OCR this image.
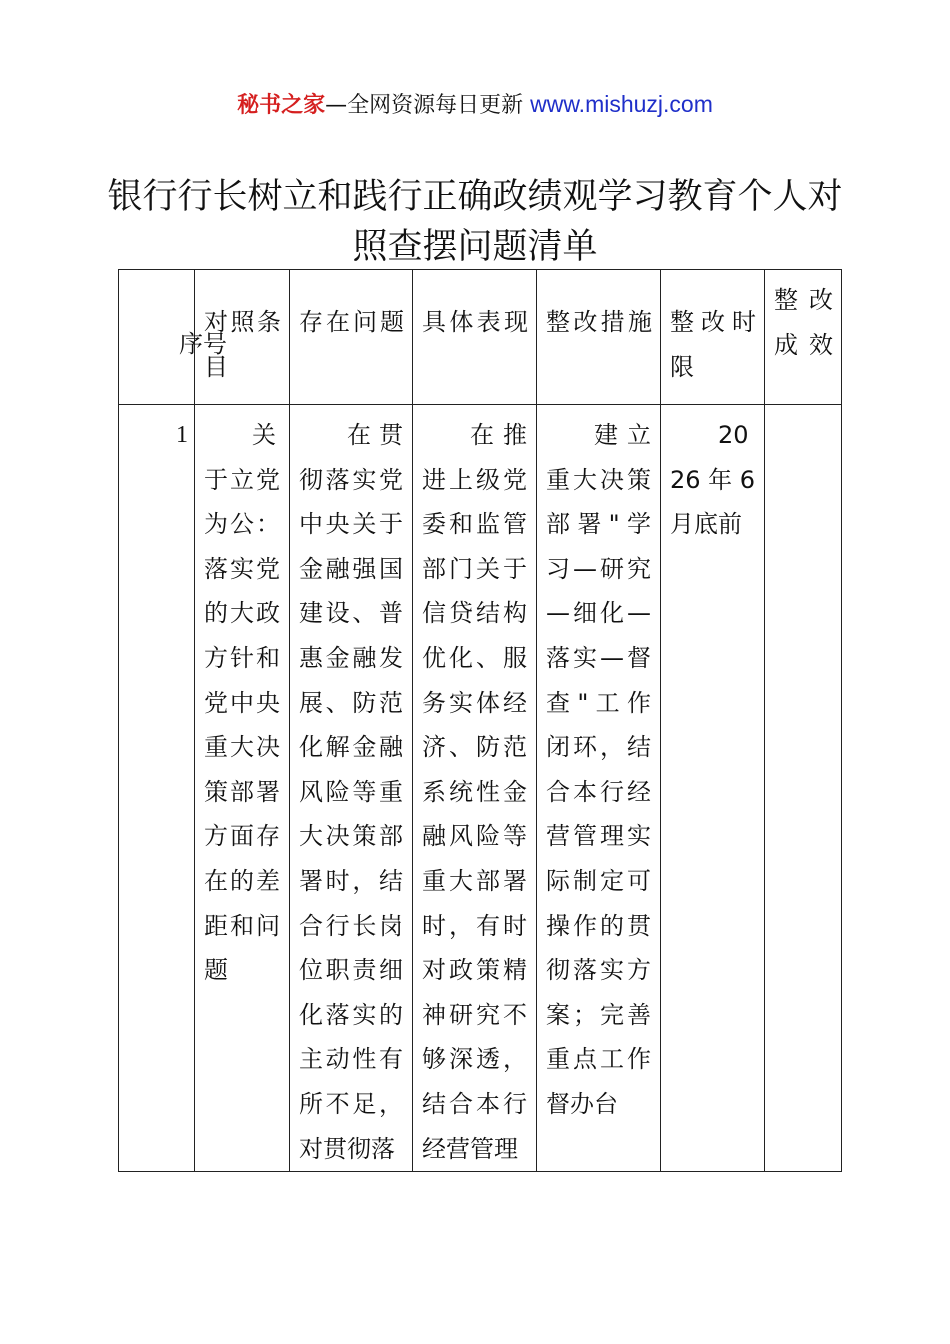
秘书之家—全网资源每日更新 www.mishuzj.com
银行行长树立和践行正确政绩观学习教育个人对照查摆问题清单
序号	对照条目	存在问题	具体表现	整改措施	整改时限	整改成效

1	关于立党为公：落实党的大政方针和党中央重大决策部署方面存在的差距和问题	在贯彻落实党中央关于金融强国建设、普惠金融发展、防范化解金融风险等重大决策部署时，结合行长岗位职责细化落实的主动性有所不足，对贯彻落	在推进上级党委和监管部门关于信贷结构优化、服务实体经济、防范系统性金融风险等重大部署时，有时对政策精神研究不够深透，结合本行经营管理	建立重大决策部署"学习—研究—细化—落实—督查"工作闭环，结合本行经营管理实际制定可操作的贯彻落实方案；完善重点工作督办台	2026年6月底前	
